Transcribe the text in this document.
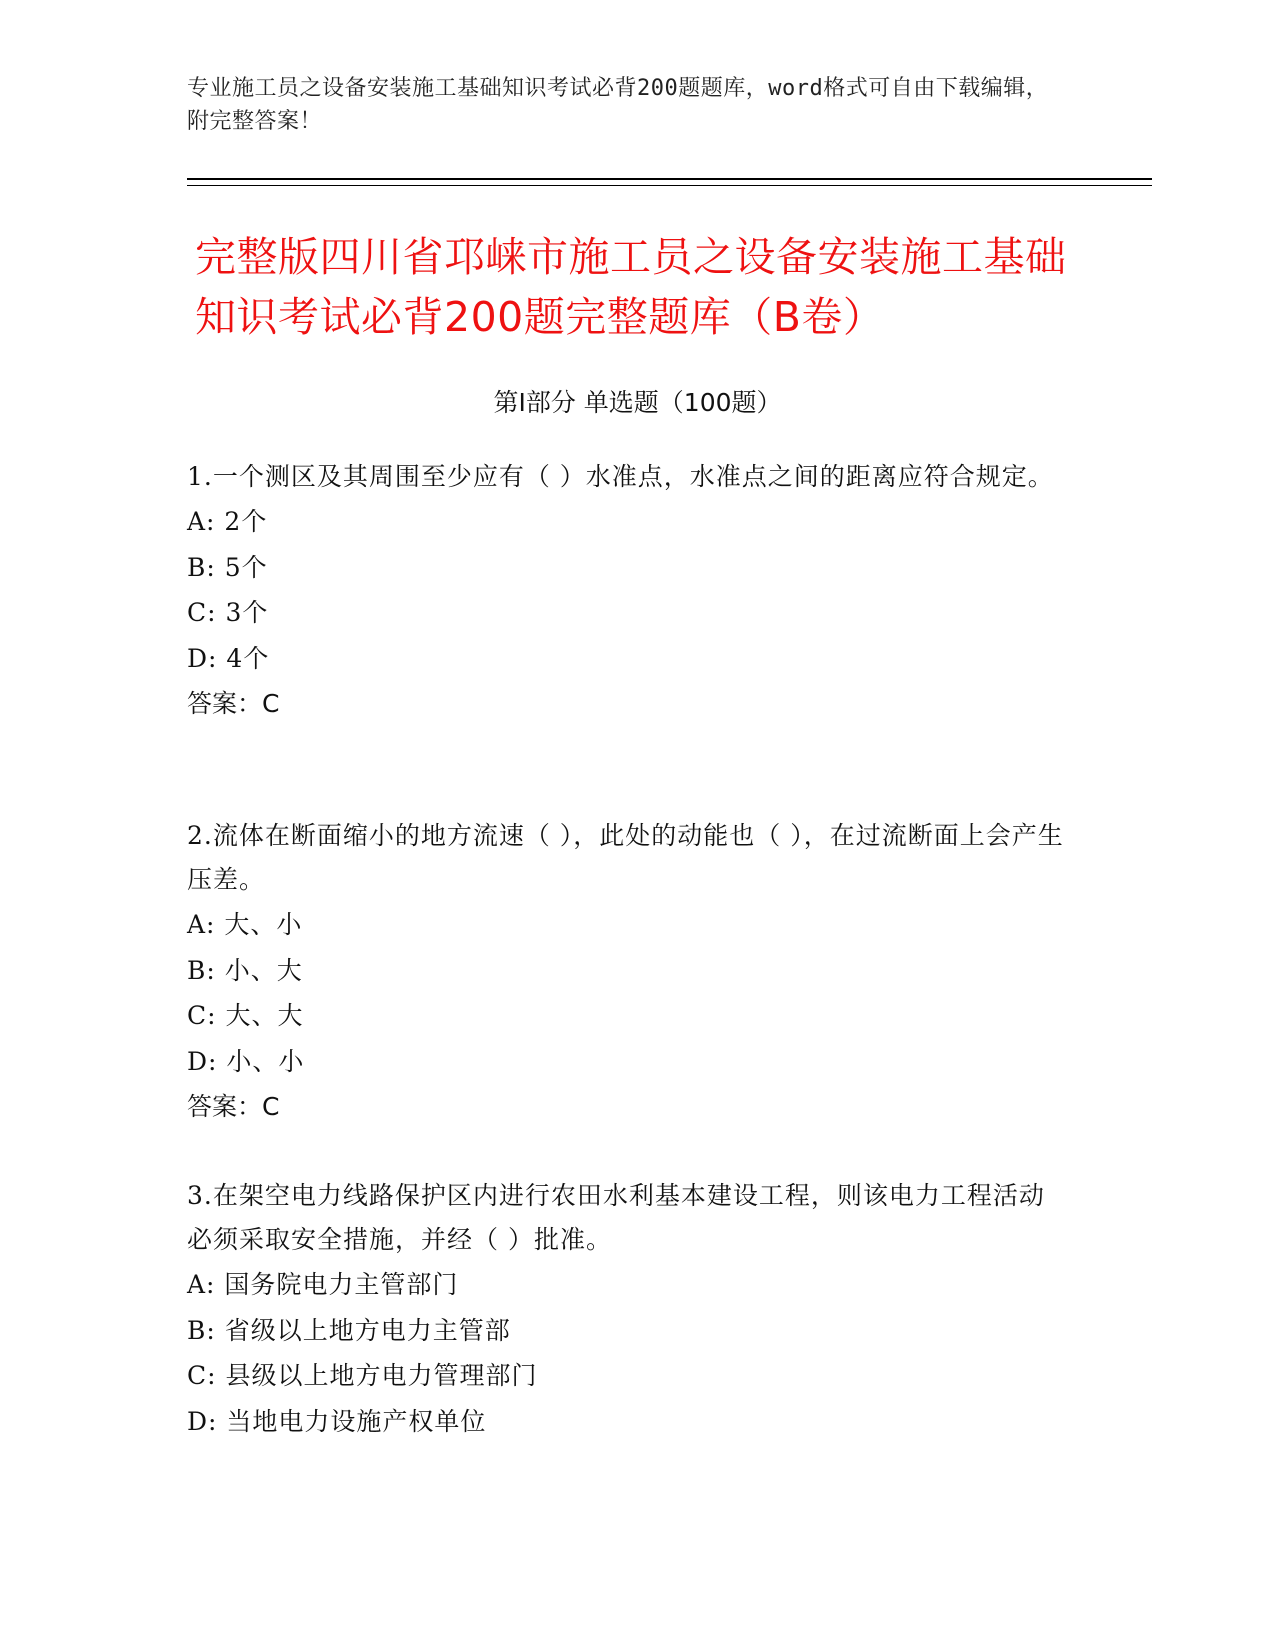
专业施工员之设备安装施工基础知识考试必背200题题库，word格式可自由下载编辑，附完整答案！
完整版四川省邛崃市施工员之设备安装施工基础知识考试必背200题完整题库（B卷）
第Ⅰ部分 单选题（100题）
1.一个测区及其周围至少应有（ ）水准点，水准点之间的距离应符合规定。
A: 2个
B: 5个
C: 3个
D: 4个
答案：C
2.流体在断面缩小的地方流速（ ），此处的动能也（ ），在过流断面上会产生压差。
A: 大、小
B: 小、大
C: 大、大
D: 小、小
答案：C
3.在架空电力线路保护区内进行农田水利基本建设工程，则该电力工程活动必须采取安全措施，并经（ ）批准。
A: 国务院电力主管部门
B: 省级以上地方电力主管部
C: 县级以上地方电力管理部门
D: 当地电力设施产权单位
